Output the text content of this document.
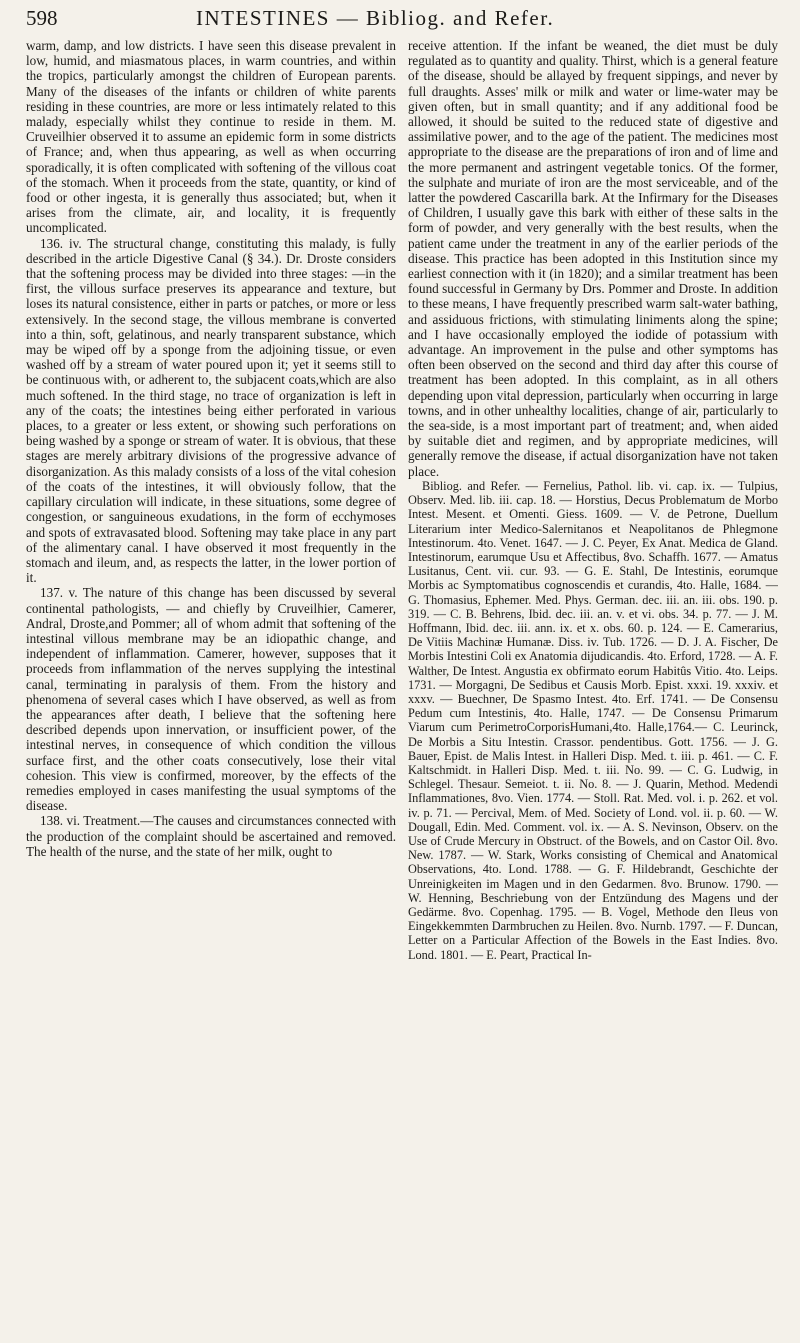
598	INTESTINES — Bibliog. and Refer.

warm, damp, and low districts. I have seen this disease prevalent in low, humid, and miasmatous places, in warm countries, and within the tropics, particularly amongst the children of European parents. Many of the diseases of the infants or children of white parents residing in these countries, are more or less intimately related to this malady, especially whilst they continue to reside in them. M. Cruveilhier observed it to assume an epidemic form in some districts of France; and, when thus appearing, as well as when occurring sporadically, it is often complicated with softening of the villous coat of the stomach. When it proceeds from the state, quantity, or kind of food or other ingesta, it is generally thus associated; but, when it arises from the climate, air, and locality, it is frequently uncomplicated.

136. iv. The structural change, constituting this malady, is fully described in the article Digestive Canal (§ 34.). Dr. Droste considers that the softening process may be divided into three stages: —in the first, the villous surface preserves its appearance and texture, but loses its natural consistence, either in parts or patches, or more or less extensively. In the second stage, the villous membrane is converted into a thin, soft, gelatinous, and nearly transparent substance, which may be wiped off by a sponge from the adjoining tissue, or even washed off by a stream of water poured upon it; yet it seems still to be continuous with, or adherent to, the subjacent coats,which are also much softened. In the third stage, no trace of organization is left in any of the coats; the intestines being either perforated in various places, to a greater or less extent, or showing such perforations on being washed by a sponge or stream of water. It is obvious, that these stages are merely arbitrary divisions of the progressive advance of disorganization. As this malady consists of a loss of the vital cohesion of the coats of the intestines, it will obviously follow, that the capillary circulation will indicate, in these situations, some degree of congestion, or sanguineous exudations, in the form of ecchymoses and spots of extravasated blood. Softening may take place in any part of the alimentary canal. I have observed it most frequently in the stomach and ileum, and, as respects the latter, in the lower portion of it.

137. v. The nature of this change has been discussed by several continental pathologists, — and chiefly by Cruveilhier, Camerer, Andral, Droste,and Pommer; all of whom admit that softening of the intestinal villous membrane may be an idiopathic change, and independent of inflammation. Camerer, however, supposes that it proceeds from inflammation of the nerves supplying the intestinal canal, terminating in paralysis of them. From the history and phenomena of several cases which I have observed, as well as from the appearances after death, I believe that the softening here described depends upon innervation, or insufficient power, of the intestinal nerves, in consequence of which condition the villous surface first, and the other coats consecutively, lose their vital cohesion. This view is confirmed, moreover, by the effects of the remedies employed in cases manifesting the usual symptoms of the disease.

138. vi. Treatment.—The causes and circumstances connected with the production of the complaint should be ascertained and removed. The health of the nurse, and the state of her milk, ought to

receive attention. If the infant be weaned, the diet must be duly regulated as to quantity and quality. Thirst, which is a general feature of the disease, should be allayed by frequent sippings, and never by full draughts. Asses' milk or milk and water or lime-water may be given often, but in small quantity; and if any additional food be allowed, it should be suited to the reduced state of digestive and assimilative power, and to the age of the patient. The medicines most appropriate to the disease are the preparations of iron and of lime and the more permanent and astringent vegetable tonics. Of the former, the sulphate and muriate of iron are the most serviceable, and of the latter the powdered Cascarilla bark. At the Infirmary for the Diseases of Children, I usually gave this bark with either of these salts in the form of powder, and very generally with the best results, when the patient came under the treatment in any of the earlier periods of the disease. This practice has been adopted in this Institution since my earliest connection with it (in 1820); and a similar treatment has been found successful in Germany by Drs. Pommer and Droste. In addition to these means, I have frequently prescribed warm salt-water bathing, and assiduous frictions, with stimulating liniments along the spine; and I have occasionally employed the iodide of potassium with advantage. An improvement in the pulse and other symptoms has often been observed on the second and third day after this course of treatment has been adopted. In this complaint, as in all others depending upon vital depression, particularly when occurring in large towns, and in other unhealthy localities, change of air, particularly to the sea-side, is a most important part of treatment; and, when aided by suitable diet and regimen, and by appropriate medicines, will generally remove the disease, if actual disorganization have not taken place.

Bibliog. and Refer. — Fernelius, Pathol. lib. vi. cap. ix. — Tulpius, Observ. Med. lib. iii. cap. 18. — Horstius, Decus Problematum de Morbo Intest. Mesent. et Omenti. Giess. 1609. — V. de Petrone, Duellum Literarium inter Medico-Salernitanos et Neapolitanos de Phlegmone Intestinorum. 4to. Venet. 1647. — J. C. Peyer, Ex Anat. Medica de Gland. Intestinorum, earumque Usu et Affectibus, 8vo. Schaffh. 1677. — Amatus Lusitanus, Cent. vii. cur. 93. — G. E. Stahl, De Intestinis, eorumque Morbis ac Symptomatibus cognoscendis et curandis, 4to. Halle, 1684. — G. Thomasius, Ephemer. Med. Phys. German. dec. iii. an. iii. obs. 190. p. 319. — C. B. Behrens, Ibid. dec. iii. an. v. et vi. obs. 34. p. 77. — J. M. Hoffmann, Ibid. dec. iii. ann. ix. et x. obs. 60. p. 124. — E. Camerarius, De Vitiis Machinæ Humanæ. Diss. iv. Tub. 1726. — D. J. A. Fischer, De Morbis Intestini Coli ex Anatomia dijudicandis. 4to. Erford, 1728. — A. F. Walther, De Intest. Angustia ex obfirmato eorum Habitûs Vitio. 4to. Leips. 1731. — Morgagni, De Sedibus et Causis Morb. Epist. xxxi. 19. xxxiv. et xxxv. — Buechner, De Spasmo Intest. 4to. Erf. 1741. — De Consensu Pedum cum Intestinis, 4to. Halle, 1747. — De Consensu Primarum Viarum cum PerimetroCorporisHumani,4to. Halle,1764.— C. Leurinck, De Morbis a Situ Intestin. Crassor. pendentibus. Gott. 1756. — J. G. Bauer, Epist. de Malis Intest. in Halleri Disp. Med. t. iii. p. 461. — C. F. Kaltschmidt. in Halleri Disp. Med. t. iii. No. 99. — C. G. Ludwig, in Schlegel. Thesaur. Semeiot. t. ii. No. 8. — J. Quarin, Method. Medendi Inflammationes, 8vo. Vien. 1774. — Stoll. Rat. Med. vol. i. p. 262. et vol. iv. p. 71. — Percival, Mem. of Med. Society of Lond. vol. ii. p. 60. — W. Dougall, Edin. Med. Comment. vol. ix. — A. S. Nevinson, Observ. on the Use of Crude Mercury in Obstruct. of the Bowels, and on Castor Oil. 8vo. New. 1787. — W. Stark, Works consisting of Chemical and Anatomical Observations, 4to. Lond. 1788. — G. F. Hildebrandt, Geschichte der Unreinigkeiten im Magen und in den Gedarmen. 8vo. Brunow. 1790. — W. Henning, Beschriebung von der Entzündung des Magens und der Gedärme. 8vo. Copenhag. 1795. — B. Vogel, Methode den Ileus von Eingekkemmten Darmbruchen zu Heilen. 8vo. Nurnb. 1797. — F. Duncan, Letter on a Particular Affection of the Bowels in the East Indies. 8vo. Lond. 1801. — E. Peart, Practical In-
